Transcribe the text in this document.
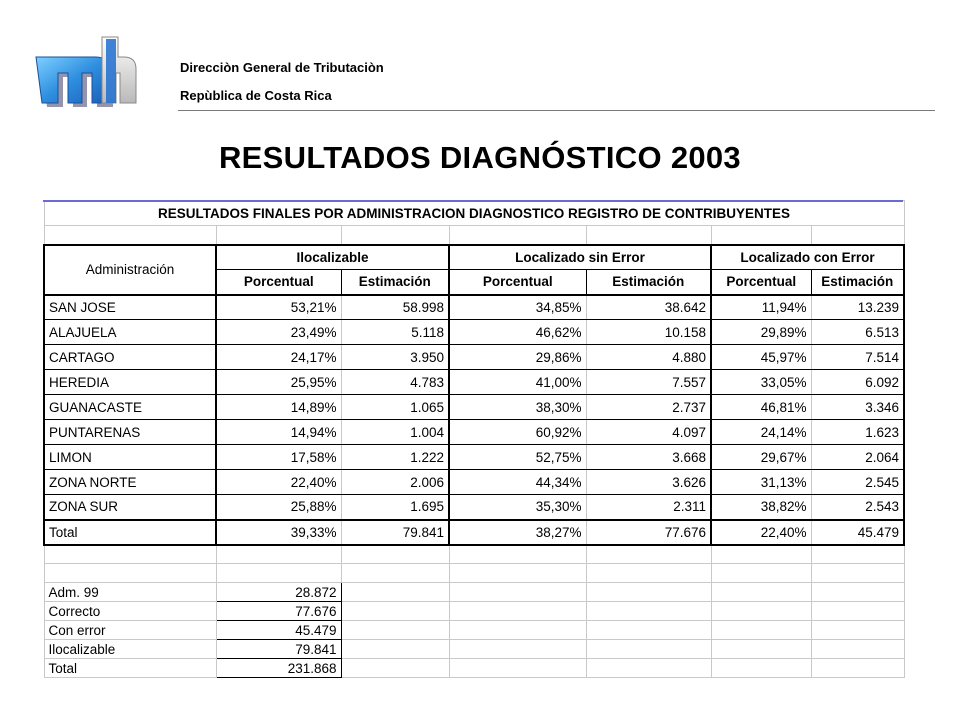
Direcciòn General de Tributaciòn
Repùblica de Costa Rica
RESULTADOS DIAGNÓSTICO 2003
RESULTADOS FINALES POR ADMINISTRACION DIAGNOSTICO REGISTRO DE CONTRIBUYENTES						

Administración	Ilocalizable		Localizado sin Error		Localizado con Error	
	Porcentual	Estimación	Porcentual	Estimación	Porcentual	Estimación
SAN JOSE	53,21%	58.998	34,85%	38.642	11,94%	13.239
ALAJUELA	23,49%	5.118	46,62%	10.158	29,89%	6.513
CARTAGO	24,17%	3.950	29,86%	4.880	45,97%	7.514
HEREDIA	25,95%	4.783	41,00%	7.557	33,05%	6.092
GUANACASTE	14,89%	1.065	38,30%	2.737	46,81%	3.346
PUNTARENAS	14,94%	1.004	60,92%	4.097	24,14%	1.623
LIMON	17,58%	1.222	52,75%	3.668	29,67%	2.064
ZONA NORTE	22,40%	2.006	44,34%	3.626	31,13%	2.545
ZONA SUR	25,88%	1.695	35,30%	2.311	38,82%	2.543
Total	39,33%	79.841	38,27%	77.676	22,40%	45.479

Adm. 99	28.872					
Correcto	77.676					
Con error	45.479					
Ilocalizable	79.841					
Total	231.868					
